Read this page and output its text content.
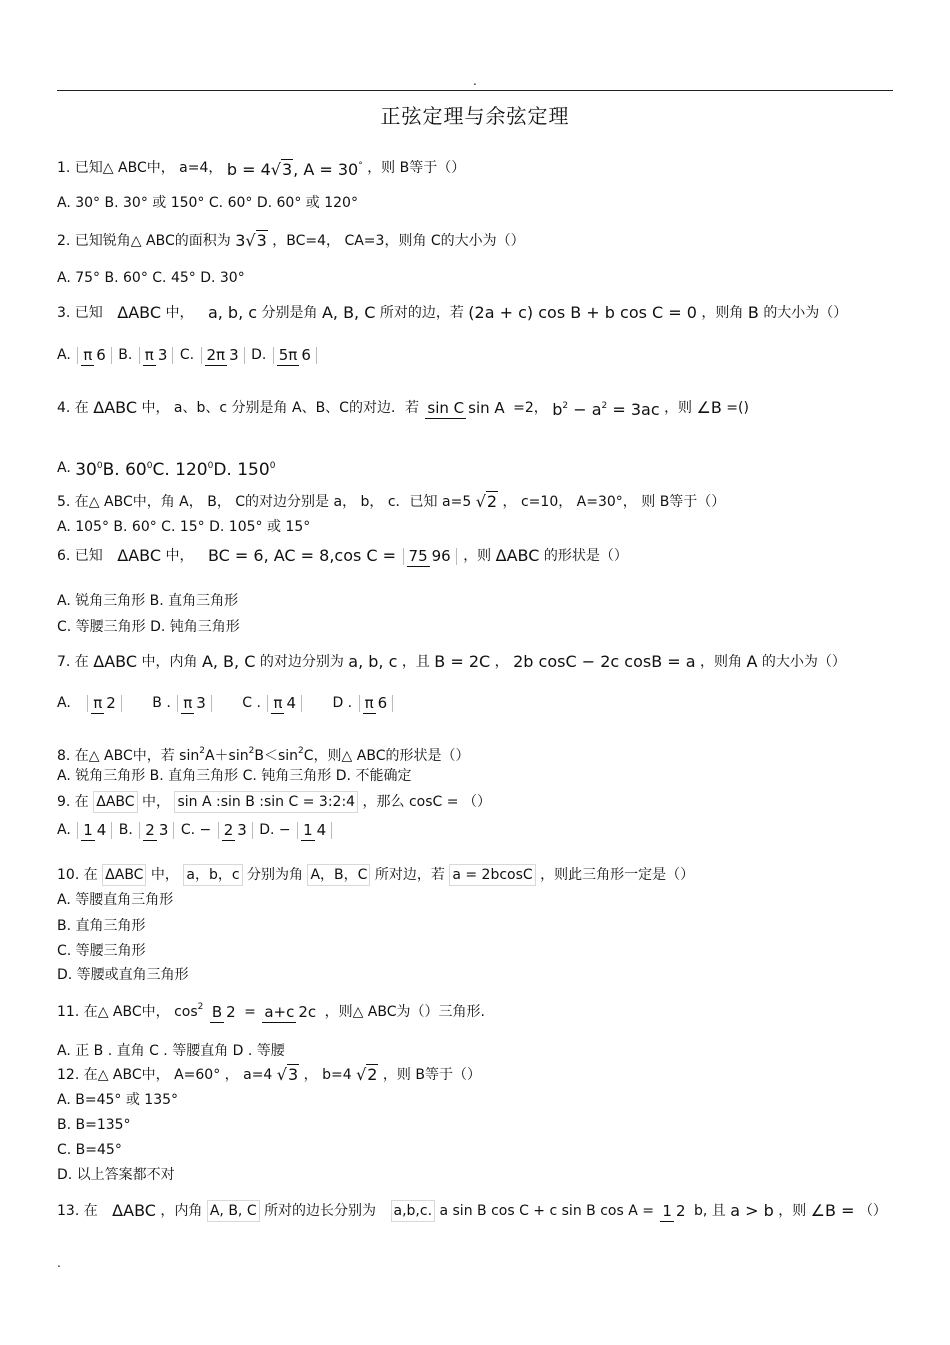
.
正弦定理与余弦定理
1. 已知△ ABC中， a=4， b = 4√3, A = 30° ，则 B等于（）
A. 30° B. 30° 或 150° C. 60° D. 60° 或 120°
2. 已知锐角△ ABC的面积为 3√3 ，BC=4， CA=3，则角 C的大小为（）
A. 75° B. 60° C. 45° D. 30°
3. 已知 ΔABC 中， a, b, c 分别是角 A, B, C 所对的边，若 (2a + c) cos B + b cos C = 0 ，则角 B 的大小为（）
A. π 6 B. π 3 C. 2π 3 D. 5π 6
4. 在 ΔABC 中， a、b、c 分别是角 A、B、C的对边．若 sin C sin A =2， $b^2 - a^2 = 3ac$ ，则 ∠B =()
A. $30^0B$. $60^0C$. $120^0D$. $150^0$
5. 在△ ABC中，角 A， B， C的对边分别是 a， b， c．已知 a=5 √2 ， c=10， A=30°， 则 B等于（）
A. 105° B. 60° C. 15° D. 105° 或 15°
6. 已知 ΔABC 中， BC = 6, AC = 8,cos C = 75 96 ，则 ΔABC 的形状是（）
A. 锐角三角形 B. 直角三角形
C. 等腰三角形 D. 钝角三角形
7. 在 ΔABC 中，内角 A, B, C 的对边分别为 a, b, c ，且 B = 2C ， 2b cosC − 2c cosB = a ，则角 A 的大小为（）
A. π 2	B . π 3	C . π 4	D . π 6
8. 在△ ABC中，若 $\sin^2A+\sin^2B<\sin^2C$，则△ ABC的形状是（）
A. 锐角三角形 B. 直角三角形 C. 钝角三角形 D. 不能确定
9. 在 ΔABC 中， sin A :sin B :sin C = 3:2:4 ，那么 cosC = （）
A. 1 4 B. 2 3 C. − 2 3 D. − 1 4
10. 在 ΔABC 中， a，b，c 分别为角 A，B，C 所对边，若 a = 2bcosC ，则此三角形一定是（）
A. 等腰直角三角形
B. 直角三角形
C. 等腰三角形
D. 等腰或直角三角形
11. 在△ ABC中， $\cos^2 B$ 2 = a+c 2c ，则△ ABC为（）三角形.
A. 正 B . 直角 C . 等腰直角 D . 等腰
12. 在△ ABC中， A=60° ， a=4 √3 ， b=4 √2 ，则 B等于（）
A. B=45° 或 135°
B. B=135°
C. B=45°
D. 以上答案都不对
13. 在 ΔABC ，内角 A, B, C 所对的边长分别为 a,b,c. a sin B cos C + c sin B cos A = 1 2 b, 且 a > b ，则 ∠B = （）
.
